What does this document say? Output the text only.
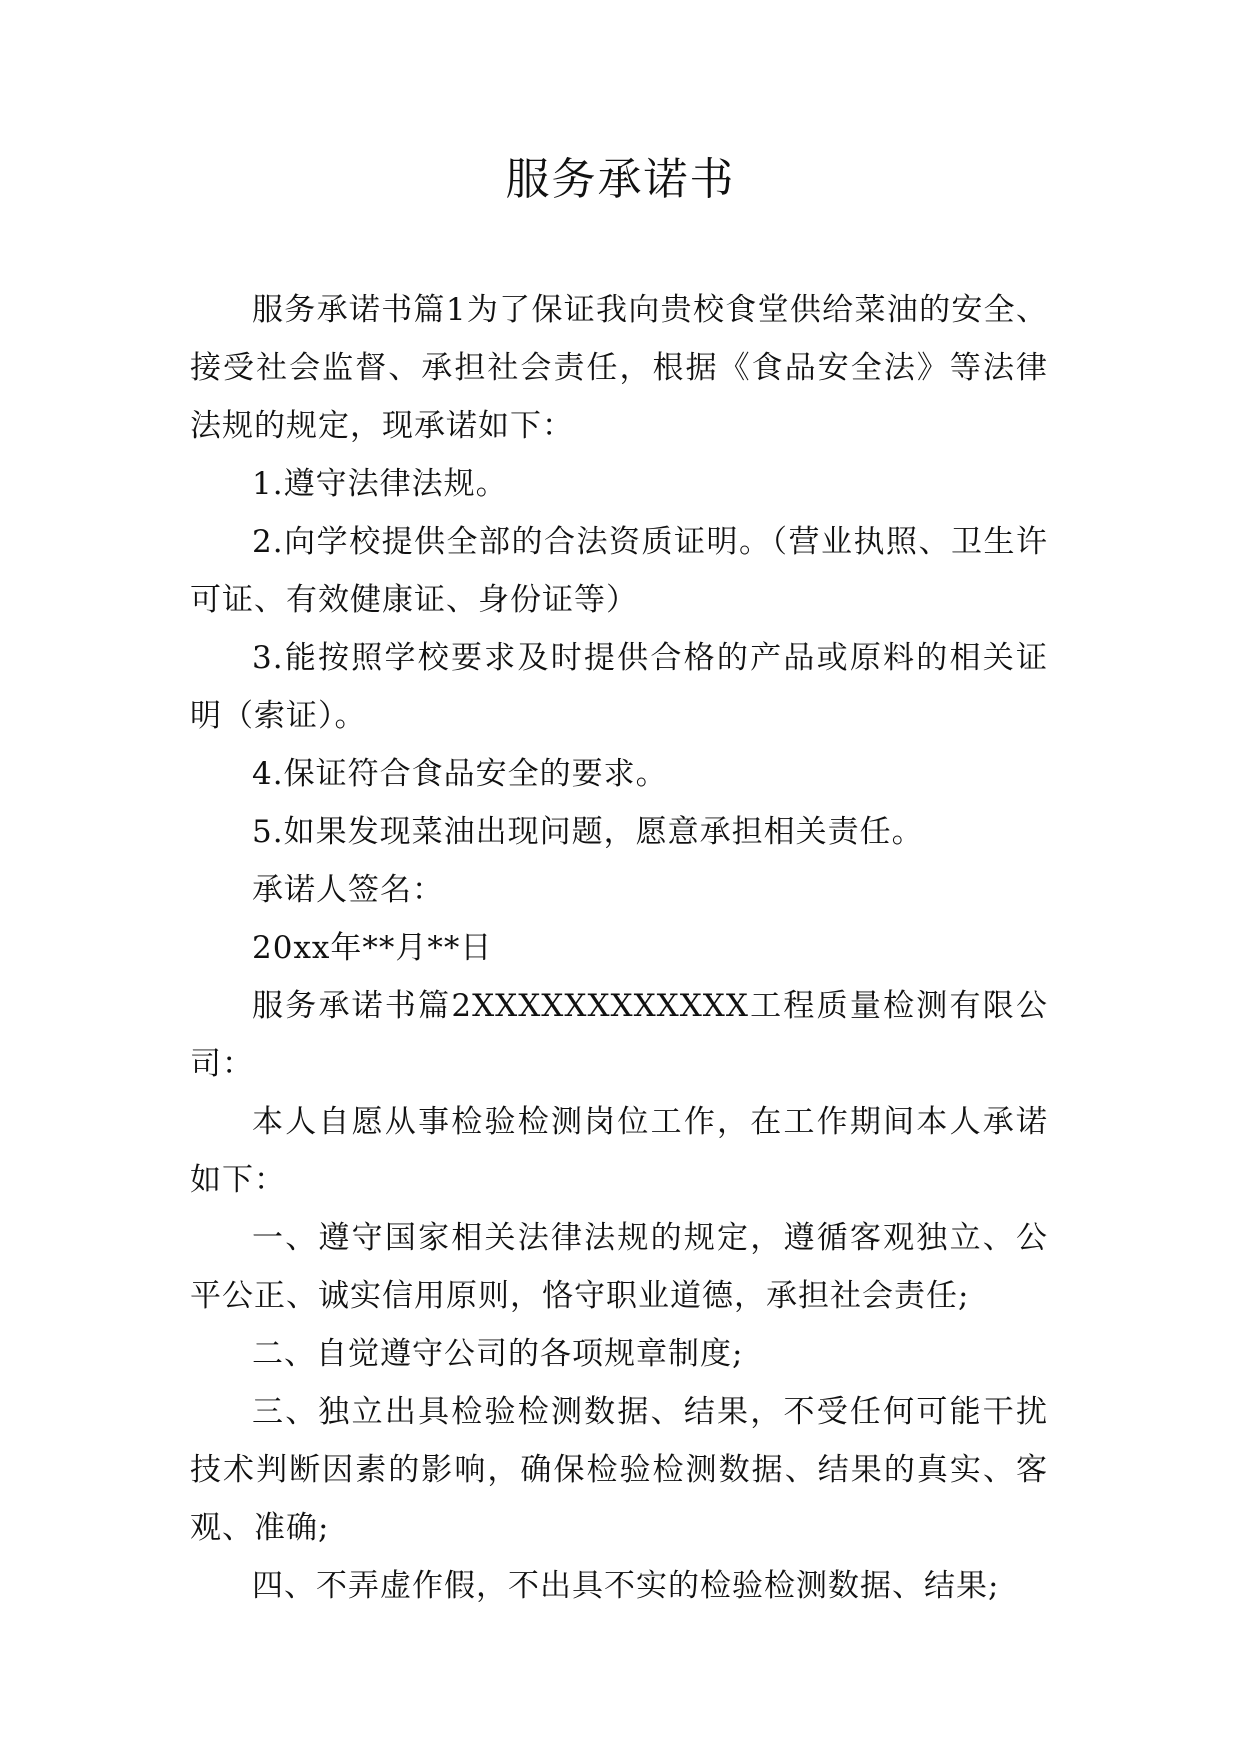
服务承诺书

服务承诺书篇1为了保证我向贵校食堂供给菜油的安全、接受社会监督、承担社会责任，根据《食品安全法》等法律法规的规定，现承诺如下：

1.遵守法律法规。

2.向学校提供全部的合法资质证明。（营业执照、卫生许可证、有效健康证、身份证等）

3.能按照学校要求及时提供合格的产品或原料的相关证明（索证）。

4.保证符合食品安全的要求。

5.如果发现菜油出现问题，愿意承担相关责任。

承诺人签名：

20xx年**月**日

服务承诺书篇2XXXXXXXXXXXX工程质量检测有限公司：

本人自愿从事检验检测岗位工作，在工作期间本人承诺如下：

一、遵守国家相关法律法规的规定，遵循客观独立、公平公正、诚实信用原则，恪守职业道德，承担社会责任;

二、自觉遵守公司的各项规章制度;

三、独立出具检验检测数据、结果，不受任何可能干扰技术判断因素的影响，确保检验检测数据、结果的真实、客观、准确;

四、不弄虚作假，不出具不实的检验检测数据、结果;
